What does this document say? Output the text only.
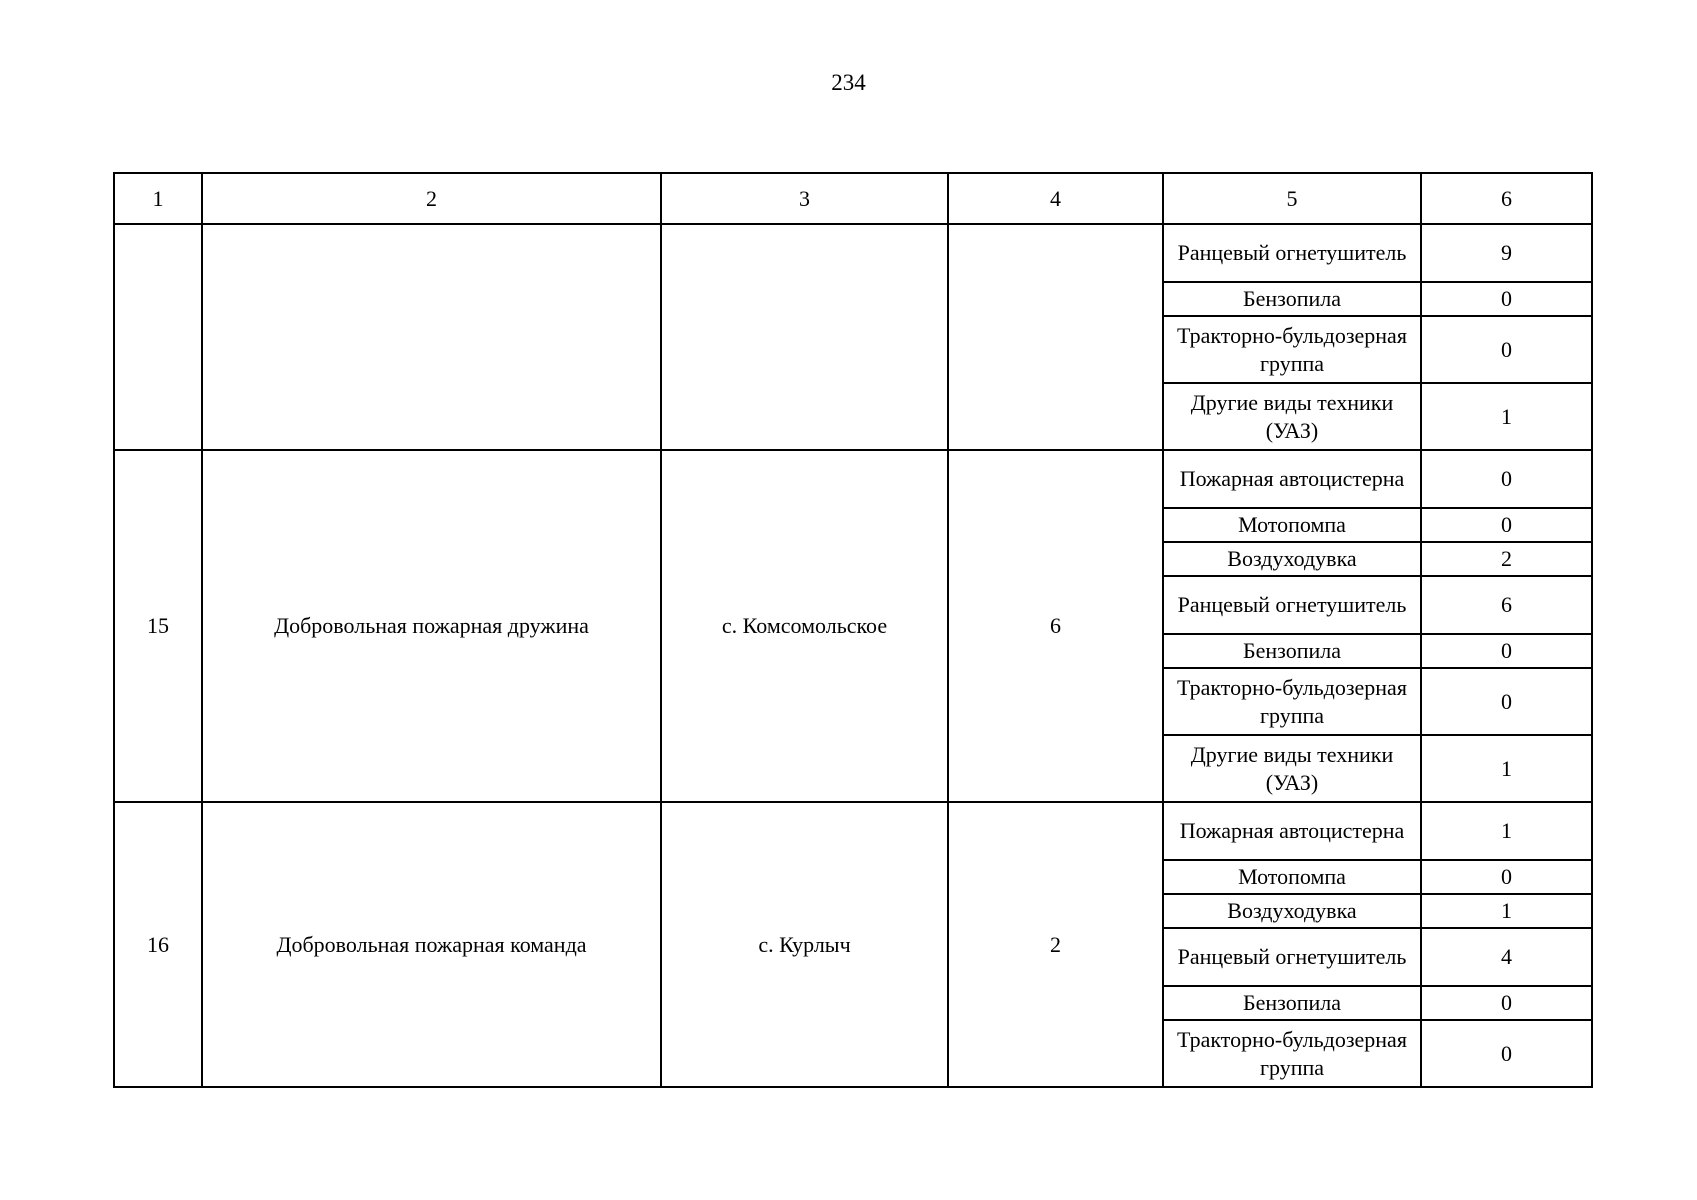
234
1	2	3	4	5	6
				Ранцевый огнетушитель	9
				Бензопила	0
				Тракторно-бульдозерная группа	0
				Другие виды техники (УАЗ)	1
15	Добровольная пожарная дружина	с. Комсомольское	6	Пожарная автоцистерна	0
				Мотопомпа	0
				Воздуходувка	2
				Ранцевый огнетушитель	6
				Бензопила	0
				Тракторно-бульдозерная группа	0
				Другие виды техники (УАЗ)	1
16	Добровольная пожарная команда	с. Курлыч	2	Пожарная автоцистерна	1
				Мотопомпа	0
				Воздуходувка	1
				Ранцевый огнетушитель	4
				Бензопила	0
				Тракторно-бульдозерная группа	0
